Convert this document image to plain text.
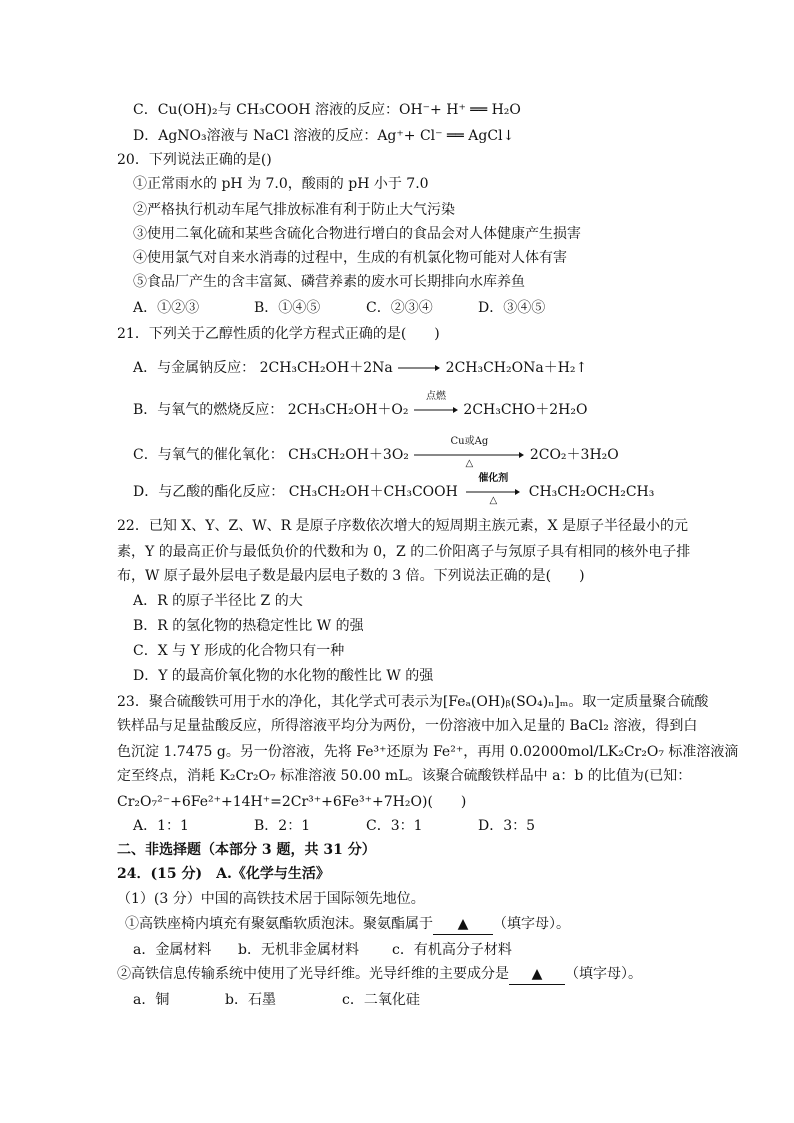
C．Cu(OH)₂与 CH₃COOH 溶液的反应：OH⁻+ H⁺ ══ H₂O
D．AgNO₃溶液与 NaCl 溶液的反应：Ag⁺+ Cl⁻ ══ AgCl↓
20．下列说法正确的是()
①正常雨水的 pH 为 7.0，酸雨的 pH 小于 7.0
②严格执行机动车尾气排放标准有利于防止大气污染
③使用二氧化硫和某些含硫化合物进行增白的食品会对人体健康产生损害
④使用氯气对自来水消毒的过程中，生成的有机氯化物可能对人体有害
⑤食品厂产生的含丰富氮、磷营养素的废水可长期排向水库养鱼
A．①②③	B．①④⑤	C．②③④	D．③④⑤
21．下列关于乙醇性质的化学方程式正确的是(　　)
A．与金属钠反应： 2CH₃CH₂OH＋2Na → 2CH₃CH₂ONa＋H₂↑
B．与氧气的燃烧反应： 2CH₃CH₂OH＋O₂
点燃
2CH₃CHO＋2H₂O
C．与氧气的催化氧化： CH₃CH₂OH＋3O₂
Cu或Ag
△
2CO₂＋3H₂O
D．与乙酸的酯化反应： CH₃CH₂OH＋CH₃COOH
催化剂
△
CH₃CH₂OCH₂CH₃
22．已知 X、Y、Z、W、R 是原子序数依次增大的短周期主族元素，X 是原子半径最小的元
素，Y 的最高正价与最低负价的代数和为 0，Z 的二价阳离子与氖原子具有相同的核外电子排
布，W 原子最外层电子数是最内层电子数的 3 倍。下列说法正确的是(　　)
A．R 的原子半径比 Z 的大
B．R 的氢化物的热稳定性比 W 的强
C．X 与 Y 形成的化合物只有一种
D．Y 的最高价氧化物的水化物的酸性比 W 的强
23．聚合硫酸铁可用于水的净化，其化学式可表示为[Feₐ(OH)ᵦ(SO₄)ₙ]ₘ。取一定质量聚合硫酸
铁样品与足量盐酸反应，所得溶液平均分为两份，一份溶液中加入足量的 BaCl₂ 溶液，得到白
色沉淀 1.7475 g。另一份溶液，先将 Fe³⁺还原为 Fe²⁺，再用 0.02000mol/LK₂Cr₂O₇ 标准溶液滴
定至终点，消耗 K₂Cr₂O₇ 标准溶液 50.00 mL。该聚合硫酸铁样品中 a：b 的比值为(已知：
Cr₂O₇²⁻+6Fe²⁺+14H⁺=2Cr³⁺+6Fe³⁺+7H₂O)(　　)
A．1：1	B．2：1	C．3：1	D．3：5
二、非选择题（本部分 3 题，共 31 分）
24．(15 分)　A.《化学与生活》
（1）(3 分）中国的高铁技术居于国际领先地位。
①高铁座椅内填充有聚氨酯软质泡沫。聚氨酯属于 ▲ （填字母）。
a．金属材料 b．无机非金属材料 c．有机高分子材料
②高铁信息传输系统中使用了光导纤维。光导纤维的主要成分是 ▲ （填字母）。
a．铜	b．石墨	c．二氧化硅
